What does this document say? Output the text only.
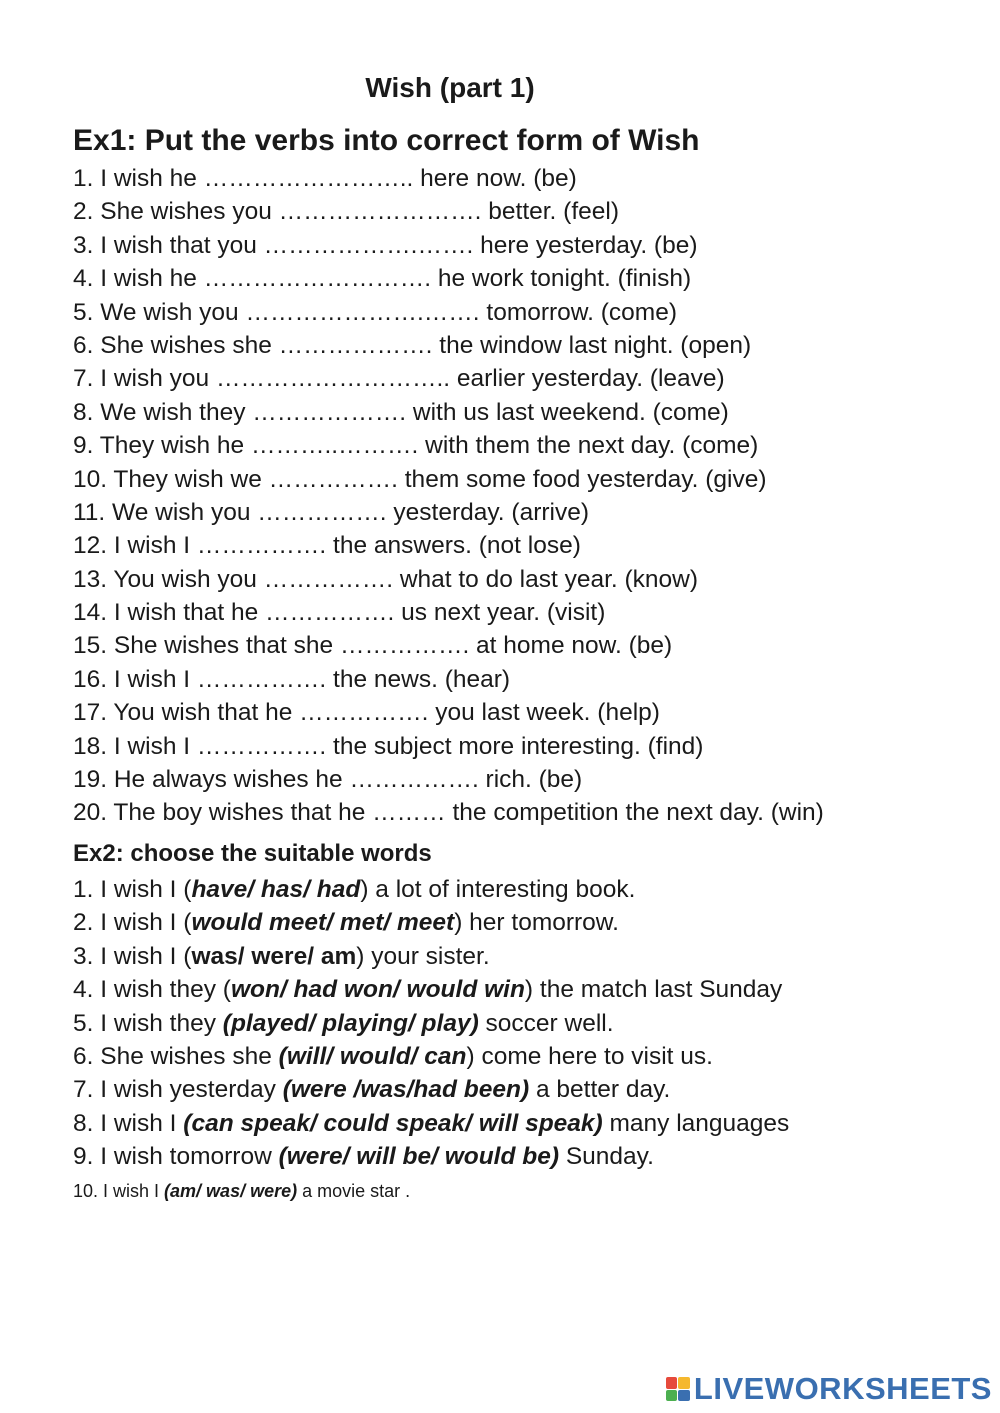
Wish (part 1)
Ex1: Put the verbs into correct form of Wish
1. I wish he …………………….. here now. (be)
2. She wishes you ……………………. better. (feel)
3. I wish that you ……………….……. here yesterday. (be)
4. I wish he ………………………. he work tonight. (finish)
5. We wish you ………………….……. tomorrow. (come)
6. She wishes she ………………. the window last night. (open)
7. I wish you ……………………….. earlier yesterday. (leave)
8. We wish they ………………. with us last weekend. (come)
9. They wish he ………..………. with them the next day. (come)
10. They wish we ……………. them some food yesterday. (give)
11. We wish you ……………. yesterday. (arrive)
12. I wish I ……………. the answers. (not lose)
13. You wish you ……………. what to do last year. (know)
14. I wish that he ……………. us next year. (visit)
15. She wishes that she ……………. at home now. (be)
16. I wish I ……………. the news. (hear)
17. You wish that he ……………. you last week. (help)
18. I wish I ……………. the subject more interesting. (find)
19. He always wishes he ……………. rich. (be)
20. The boy wishes that he ……… the competition the next day. (win)
Ex2: choose the suitable words
1. I wish I (have/ has/ had) a lot of interesting book.
2. I wish I (would meet/ met/ meet) her tomorrow.
3. I wish I (was/ were/ am) your sister.
4. I wish they (won/ had won/ would win) the match last Sunday
5. I wish they (played/ playing/ play) soccer well.
6. She wishes she (will/ would/ can) come here to visit us.
7. I wish yesterday (were /was/had been) a better day.
8. I wish I (can speak/ could speak/ will speak) many languages
9. I wish tomorrow (were/ will be/ would be) Sunday.
10. I wish I (am/ was/ were) a movie star .
LIVEWORKSHEETS
